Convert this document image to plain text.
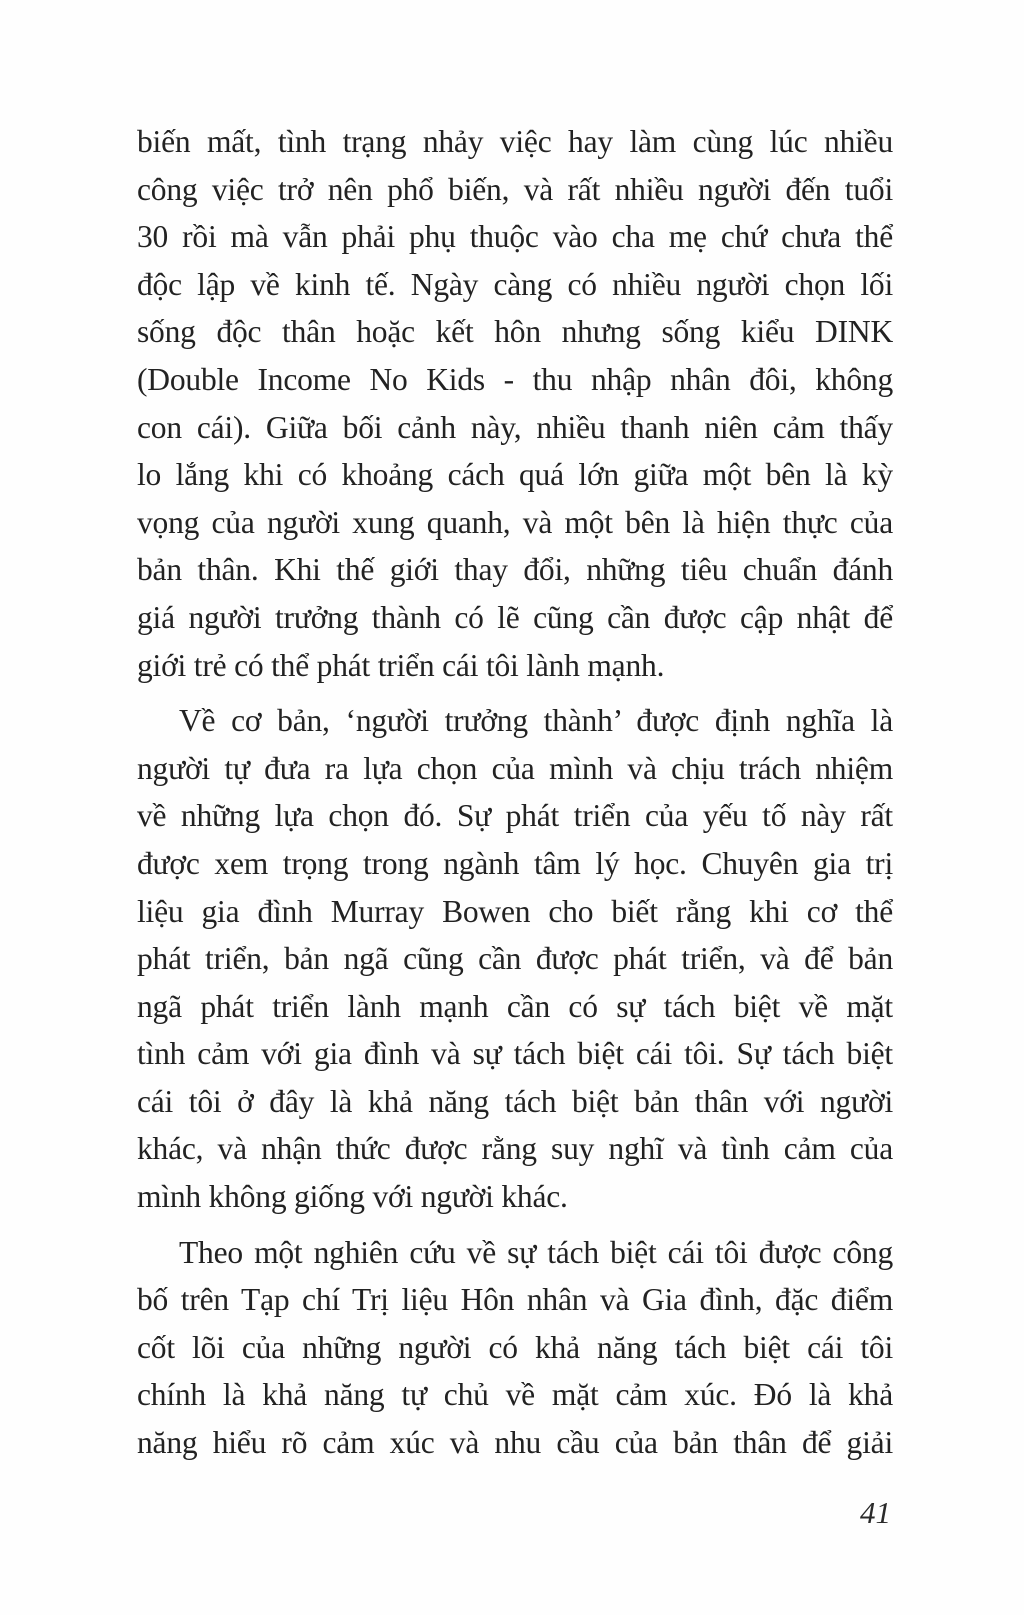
biến mất, tình trạng nhảy việc hay làm cùng lúc nhiều
công việc trở nên phổ biến, và rất nhiều người đến tuổi
30 rồi mà vẫn phải phụ thuộc vào cha mẹ chứ chưa thể
độc lập về kinh tế. Ngày càng có nhiều người chọn lối
sống độc thân hoặc kết hôn nhưng sống kiểu DINK
(Double Income No Kids - thu nhập nhân đôi, không
con cái). Giữa bối cảnh này, nhiều thanh niên cảm thấy
lo lắng khi có khoảng cách quá lớn giữa một bên là kỳ
vọng của người xung quanh, và một bên là hiện thực của
bản thân. Khi thế giới thay đổi, những tiêu chuẩn đánh
giá người trưởng thành có lẽ cũng cần được cập nhật để
giới trẻ có thể phát triển cái tôi lành mạnh.
Về cơ bản, ‘người trưởng thành’ được định nghĩa là
người tự đưa ra lựa chọn của mình và chịu trách nhiệm
về những lựa chọn đó. Sự phát triển của yếu tố này rất
được xem trọng trong ngành tâm lý học. Chuyên gia trị
liệu gia đình Murray Bowen cho biết rằng khi cơ thể
phát triển, bản ngã cũng cần được phát triển, và để bản
ngã phát triển lành mạnh cần có sự tách biệt về mặt
tình cảm với gia đình và sự tách biệt cái tôi. Sự tách biệt
cái tôi ở đây là khả năng tách biệt bản thân với người
khác, và nhận thức được rằng suy nghĩ và tình cảm của
mình không giống với người khác.
Theo một nghiên cứu về sự tách biệt cái tôi được công
bố trên Tạp chí Trị liệu Hôn nhân và Gia đình, đặc điểm
cốt lõi của những người có khả năng tách biệt cái tôi
chính là khả năng tự chủ về mặt cảm xúc. Đó là khả
năng hiểu rõ cảm xúc và nhu cầu của bản thân để giải
41
